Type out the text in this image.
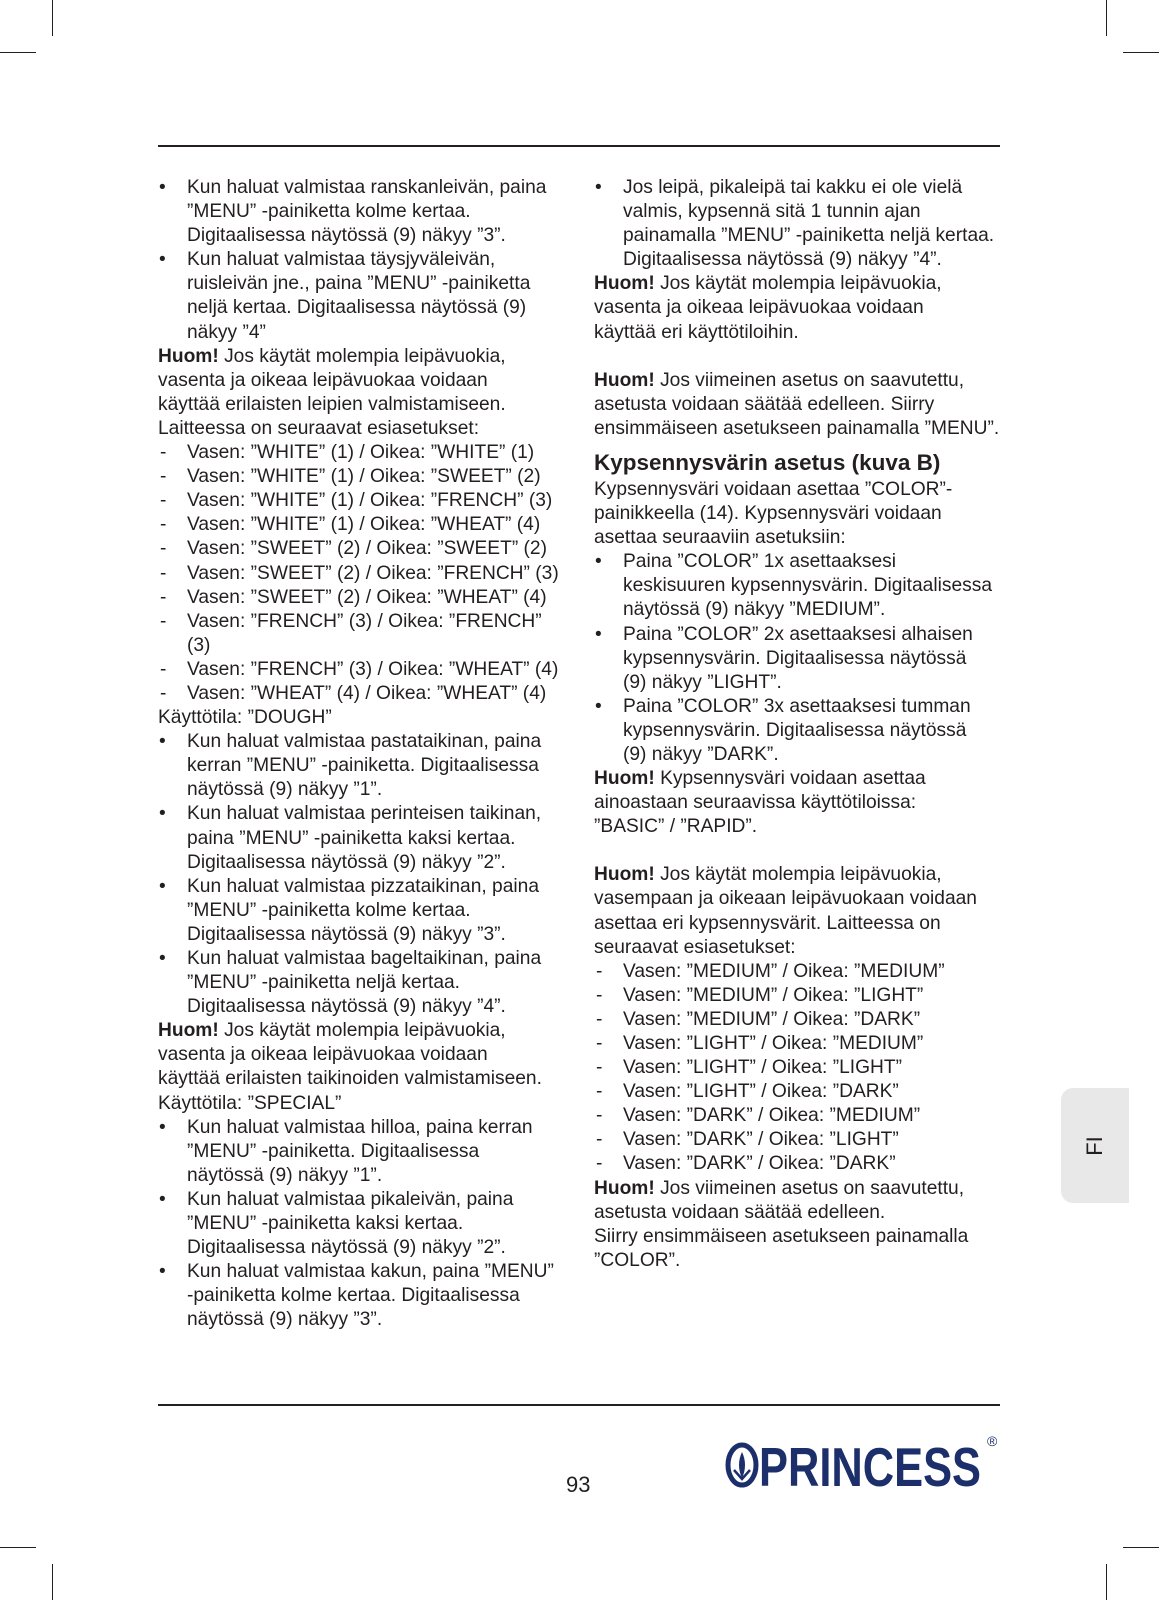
• Kun haluat valmistaa ranskanleivän, paina
”MENU” -painiketta kolme kertaa.
Digitaalisessa näytössä (9) näkyy ”3”.
• Kun haluat valmistaa täysjyväleivän,
ruisleivän jne., paina ”MENU” -painiketta
neljä kertaa. Digitaalisessa näytössä (9)
näkyy ”4”
Huom! Jos käytät molempia leipävuokia,
vasenta ja oikeaa leipävuokaa voidaan
käyttää erilaisten leipien valmistamiseen.
Laitteessa on seuraavat esiasetukset:
- Vasen: ”WHITE” (1) / Oikea: ”WHITE” (1)
- Vasen: ”WHITE” (1) / Oikea: ”SWEET” (2)
- Vasen: ”WHITE” (1) / Oikea: ”FRENCH” (3)
- Vasen: ”WHITE” (1) / Oikea: ”WHEAT” (4)
- Vasen: ”SWEET” (2) / Oikea: ”SWEET” (2)
- Vasen: ”SWEET” (2) / Oikea: ”FRENCH” (3)
- Vasen: ”SWEET” (2) / Oikea: ”WHEAT” (4)
- Vasen: ”FRENCH” (3) / Oikea: ”FRENCH”
(3)
- Vasen: ”FRENCH” (3) / Oikea: ”WHEAT” (4)
- Vasen: ”WHEAT” (4) / Oikea: ”WHEAT” (4)
Käyttötila: ”DOUGH”
• Kun haluat valmistaa pastataikinan, paina
kerran ”MENU” -painiketta. Digitaalisessa
näytössä (9) näkyy ”1”.
• Kun haluat valmistaa perinteisen taikinan,
paina ”MENU” -painiketta kaksi kertaa.
Digitaalisessa näytössä (9) näkyy ”2”.
• Kun haluat valmistaa pizzataikinan, paina
”MENU” -painiketta kolme kertaa.
Digitaalisessa näytössä (9) näkyy ”3”.
• Kun haluat valmistaa bageltaikinan, paina
”MENU” -painiketta neljä kertaa.
Digitaalisessa näytössä (9) näkyy ”4”.
Huom! Jos käytät molempia leipävuokia,
vasenta ja oikeaa leipävuokaa voidaan
käyttää erilaisten taikinoiden valmistamiseen.
Käyttötila: ”SPECIAL”
• Kun haluat valmistaa hilloa, paina kerran
”MENU” -painiketta. Digitaalisessa
näytössä (9) näkyy ”1”.
• Kun haluat valmistaa pikaleivän, paina
”MENU” -painiketta kaksi kertaa.
Digitaalisessa näytössä (9) näkyy ”2”.
• Kun haluat valmistaa kakun, paina ”MENU”
-painiketta kolme kertaa. Digitaalisessa
näytössä (9) näkyy ”3”.
• Jos leipä, pikaleipä tai kakku ei ole vielä
valmis, kypsennä sitä 1 tunnin ajan
painamalla ”MENU” -painiketta neljä kertaa.
Digitaalisessa näytössä (9) näkyy ”4”.
Huom! Jos käytät molempia leipävuokia,
vasenta ja oikeaa leipävuokaa voidaan
käyttää eri käyttötiloihin.
Huom! Jos viimeinen asetus on saavutettu,
asetusta voidaan säätää edelleen. Siirry
ensimmäiseen asetukseen painamalla ”MENU”.
Kypsennysvärin asetus (kuva B)
Kypsennysväri voidaan asettaa ”COLOR”-
painikkeella (14). Kypsennysväri voidaan
asettaa seuraaviin asetuksiin:
• Paina ”COLOR” 1x asettaaksesi
keskisuuren kypsennysvärin. Digitaalisessa
näytössä (9) näkyy ”MEDIUM”.
• Paina ”COLOR” 2x asettaaksesi alhaisen
kypsennysvärin. Digitaalisessa näytössä
(9) näkyy ”LIGHT”.
• Paina ”COLOR” 3x asettaaksesi tumman
kypsennysvärin. Digitaalisessa näytössä
(9) näkyy ”DARK”.
Huom! Kypsennysväri voidaan asettaa
ainoastaan seuraavissa käyttötiloissa:
”BASIC” / ”RAPID”.
Huom! Jos käytät molempia leipävuokia,
vasempaan ja oikeaan leipävuokaan voidaan
asettaa eri kypsennysvärit. Laitteessa on
seuraavat esiasetukset:
- Vasen: ”MEDIUM” / Oikea: ”MEDIUM”
- Vasen: ”MEDIUM” / Oikea: ”LIGHT”
- Vasen: ”MEDIUM” / Oikea: ”DARK”
- Vasen: ”LIGHT” / Oikea: ”MEDIUM”
- Vasen: ”LIGHT” / Oikea: ”LIGHT”
- Vasen: ”LIGHT” / Oikea: ”DARK”
- Vasen: ”DARK” / Oikea: ”MEDIUM”
- Vasen: ”DARK” / Oikea: ”LIGHT”
- Vasen: ”DARK” / Oikea: ”DARK”
Huom! Jos viimeinen asetus on saavutettu,
asetusta voidaan säätää edelleen.
Siirry ensimmäiseen asetukseen painamalla
”COLOR”.
FI
93	PRINCESS ®
